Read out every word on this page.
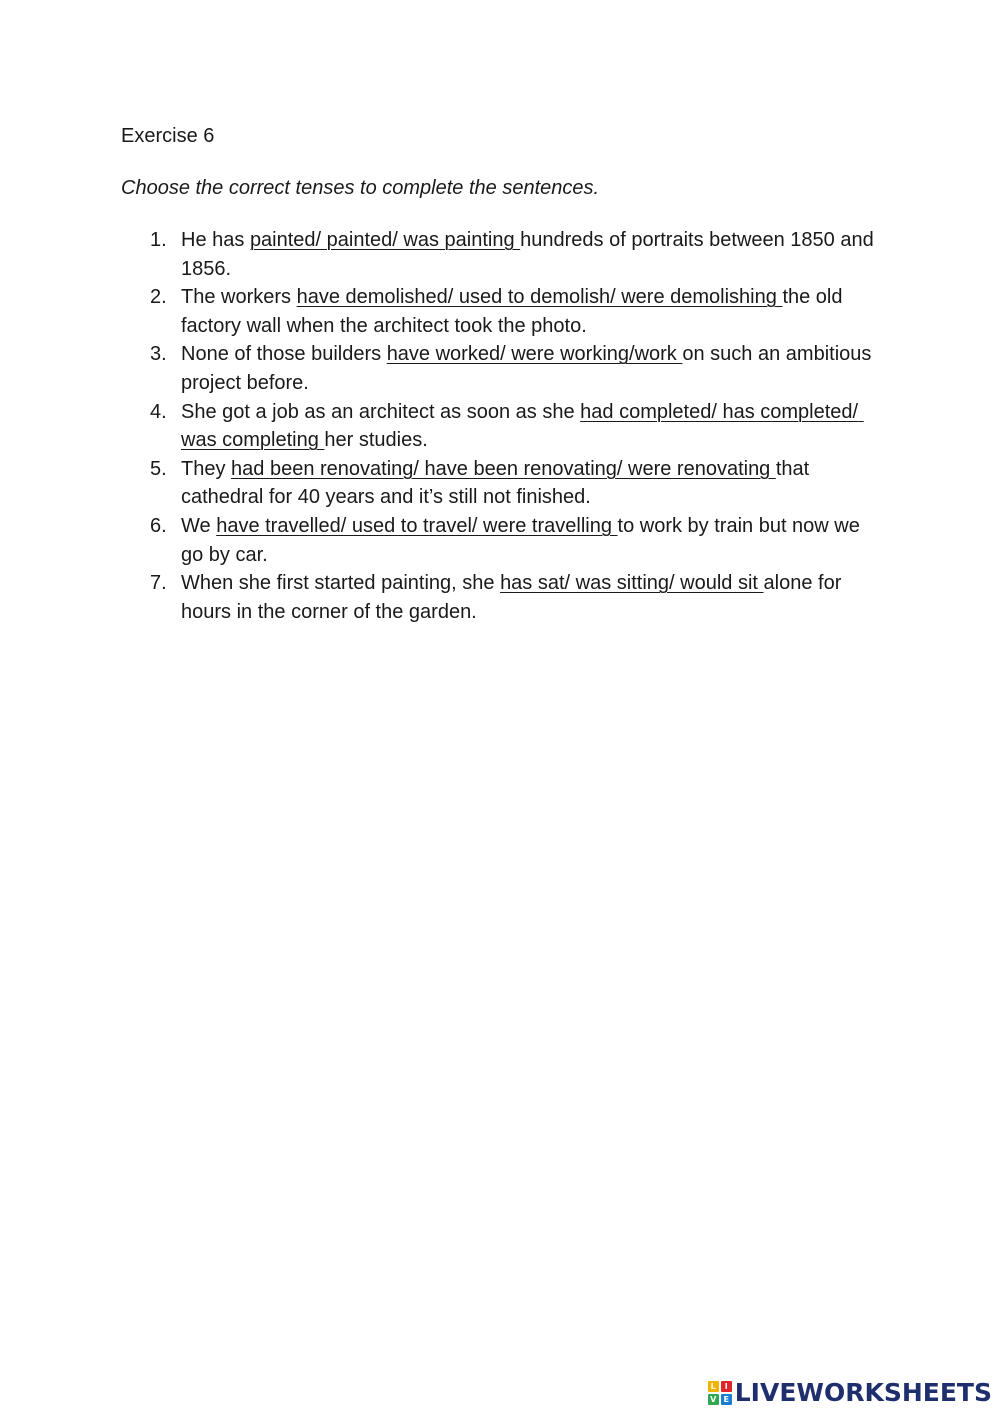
Exercise 6

Choose the correct tenses to complete the sentences.

1. He has painted/ painted/ was painting hundreds of portraits between 1850 and 1856.
2. The workers have demolished/ used to demolish/ were demolishing the old factory wall when the architect took the photo.
3. None of those builders have worked/ were working/work on such an ambitious project before.
4. She got a job as an architect as soon as she had completed/ has completed/ was completing her studies.
5. They had been renovating/ have been renovating/ were renovating that cathedral for 40 years and it’s still not finished.
6. We have travelled/ used to travel/ were travelling to work by train but now we go by car.
7. When she first started painting, she has sat/ was sitting/ would sit alone for hours in the corner of the garden.
L	I
V E LIVEWORKSHEETS
